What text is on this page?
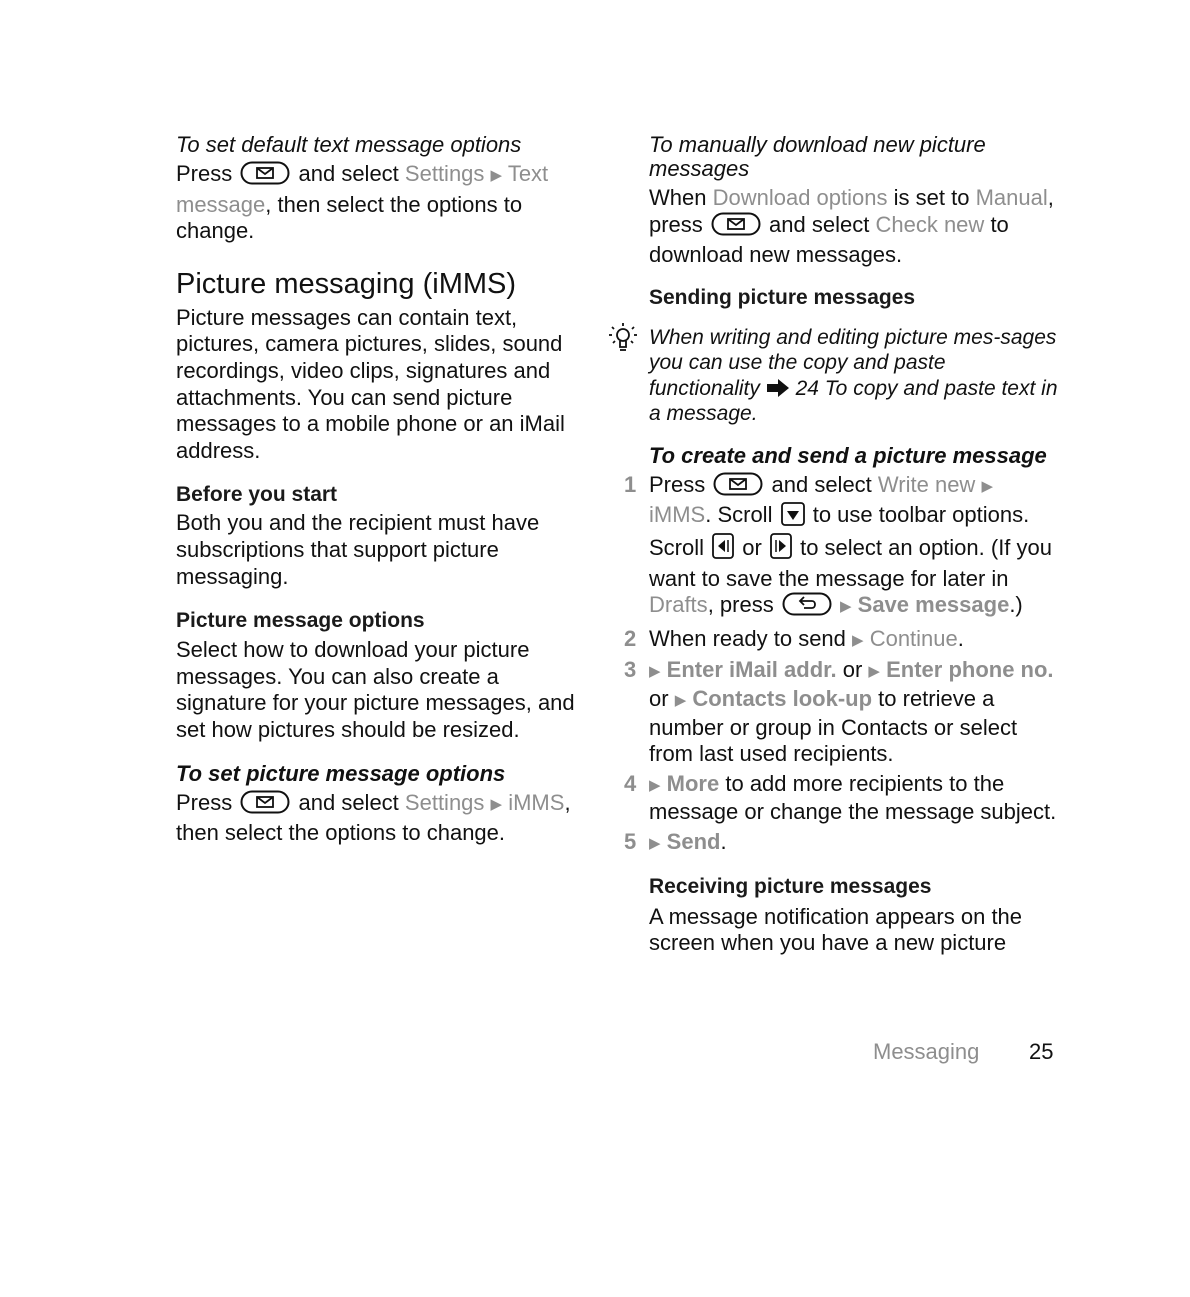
To set default text message options

Press	and select Settings ▶ Text message, then select the options to change.

Picture messaging (iMMS)

Picture messages can contain text, pictures, camera pictures, slides, sound recordings, video clips, signatures and attachments. You can send picture messages to a mobile phone or an iMail address.

Before you start

Both you and the recipient must have subscriptions that support picture messaging.

Picture message options

Select how to download your picture messages. You can also create a signature for your picture messages, and set how pictures should be resized.

To set picture message options

Press	and select Settings ▶ iMMS, then select the options to change.

To manually download new picture messages

When Download options is set to Manual, press	and select Check new to download new messages.

Sending picture messages

When writing and editing picture mes-sages you can use the copy and paste functionality 24 To copy and paste text in a message.

To create and send a picture message

1 Press	and select Write new ▶ iMMS. Scroll to use toolbar options. Scroll or to select an option. (If you want to save the message for later in Drafts, press	▶ Save message.)
2 When ready to send ▶ Continue.
3 ▶ Enter iMail addr. or ▶ Enter phone no. or ▶ Contacts look-up to retrieve a number or group in Contacts or select from last used recipients.
4 ▶ More to add more recipients to the message or change the message subject.
5 ▶ Send.

Receiving picture messages

A message notification appears on the screen when you have a new picture

Messaging 25
